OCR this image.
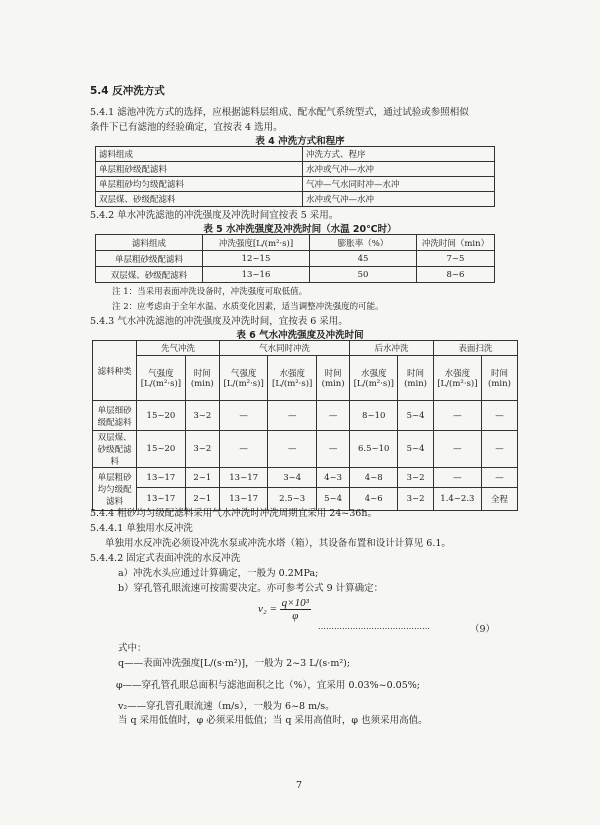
5.4 反冲洗方式
5.4.1 滤池冲洗方式的选择，应根据滤料层组成、配水配气系统型式，通过试验或参照相似
条件下已有滤池的经验确定，宜按表 4 选用。
表 4 冲洗方式和程序
滤料组成	冲洗方式、程序
单层粗砂级配滤料	水冲或气冲—水冲
单层粗砂均匀级配滤料	气冲—气水同时冲—水冲
双层煤、砂级配滤料	水冲或气冲—水冲
5.4.2 单水冲洗滤池的冲洗强度及冲洗时间宜按表 5 采用。
表 5 水冲洗强度及冲洗时间（水温 20℃时）
滤料组成	冲洗强度[L/(m²·s)]	膨胀率（%）	冲洗时间（min）
单层粗砂级配滤料	12~15	45	7~5
双层煤、砂级配滤料	13~16	50	8~6
注 1：当采用表面冲洗设备时，冲洗强度可取低值。
注 2：应考虑由于全年水温、水质变化因素，适当调整冲洗强度的可能。
5.4.3 气水冲洗滤池的冲洗强度及冲洗时间，宜按表 6 采用。
表 6 气水冲洗强度及冲洗时间
滤料种类	先气冲洗		气水同时冲洗			后水冲洗		表面扫洗	
	气强度[L/(m²·s)]	时间(min)	气强度[L/(m²·s)]	水强度[L/(m²·s)]	时间(min)	水强度[L/(m²·s)]	时间(min)	水强度[L/(m²·s)]	时间(min)
单层细砂级配滤料	15~20	3~2	—	—	—	8~10	5~4	—	—
双层煤、砂级配滤料	15~20	3~2	—	—	—	6.5~10	5~4	—	—
单层粗砂均匀级配滤料	13~17	2~1	13~17	3~4	4~3	4~8	3~2	—	—
	13~17	2~1	13~17	2.5~3	5~4	4~6	3~2	1.4~2.3	全程
5.4.4 粗砂均匀级配滤料采用气水冲洗时冲洗周期宜采用 24~36h。
5.4.4.1 单独用水反冲洗
单独用水反冲洗必须设冲洗水泵或冲洗水塔（箱），其设备布置和设计计算见 6.1。
5.4.4.2 固定式表面冲洗的水反冲洗
a）冲洗水头应通过计算确定，一般为 0.2MPa;
b）穿孔管孔眼流速可按需要决定。亦可参考公式 9 计算确定：
$v_2 = \frac{\text{q×10³}}{\varphi}$
……………………………………	（9）
式中：
q——表面冲洗强度[L/(s·m²)]，一般为 2~3 L/(s·m²);
φ——穿孔管孔眼总面积与滤池面积之比（%），宜采用 0.03%~0.05%;
v₂——穿孔管孔眼流速（m/s），一般为 6~8 m/s。
当 q 采用低值时，φ 必须采用低值；当 q 采用高值时，φ 也须采用高值。
7
